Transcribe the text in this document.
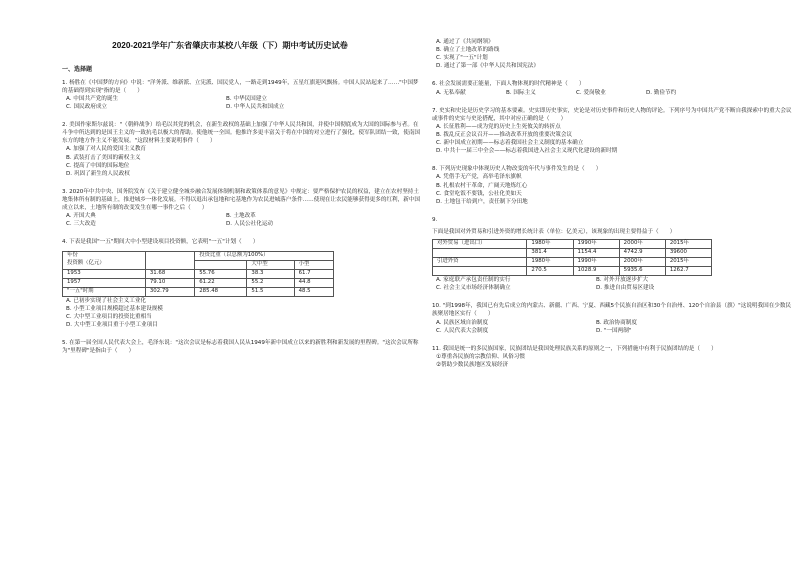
2020-2021学年广东省肇庆市某校八年级（下）期中考试历史试卷
一、选择题
1. 杨胜在《中国梦的方向》中说："洋务派、维新派、立宪派、国民党人，一路走到1949年，五星红旗迎风飘扬。中国人民站起来了……"中国梦的基础得到实现"指的是（　　）
A. 中国共产党的诞生	B. 中华民国建立
C. 国民政府成立	D. 中华人民共和国成立
2. 美国作家斯尔兹说："（朝鲜战争）给毛以其党的机会，在新生政权的基础上加强了中华人民共和国，并使中国彻底成为大国的国际参与者。在斗争中所达到的是国王主义的一致抗毛以极大的帮助。使他统一全国。他推许多更丰富关于将在中国的对立进行了强化，使军队团结一致，使南国东方的地方作主义不能发展。"这段材料主要说明事件（　　）
A. 加强了对人民的爱国主义教育
B. 武装打击了美国的霸权主义
C. 提高了中国的国际地位
D. 巩固了新生的人民政权
3. 2020年中共中央、国务院发布《关于建立健全城乡融合发展体制机制和政策体系的意见》中规定：要严格保护农民的权益，建立在农村坚持土地集体所有制的基础上，推进城乡一体化发展。不得以退出承包地和宅基地作为农民进城落户条件……使现在让农民能够获得更多的红利，新中国成立以来，土地所有制的改变发生在哪一事件之后（　　）
A. 开国大典	B. 土地改革
C. 三大改造	D. 人民公社化运动
4. 下表是我国"一五"期间大中小型建设项目投资额，它表明"一五"计划（　　）
年份
投资额（亿元）		投资比重（以总额为100%）		
			大中型	小型
1953	31.68	55.76	38.3	61.7
1957	79.10	61.22	55.2	44.8
"一五"时期	302.79	285.48	51.5	48.5
A. 已初步实现了社会主义工业化
B. 小型工业项目规模超过基本建设规模
C. 大中型工业项目的投资比重相当
D. 大中型工业项目重于小型工业项目
5. 在第一届全国人民代表大会上，毛泽东说："这次会议是标志着我国人民从1949年新中国成立以来的新胜利和新发展的里程碑。"这次会议所称为"里程碑"是指由于（　　）
A. 通过了《共同纲领》
B. 确立了土地改革的路线
C. 实现了"一五"计划
D. 通过了第一部《中华人民共和国宪法》
6. 社会发展需要正能量，下面人物体现的时代精神是（　　）
A. 无私奉献	B. 国际主义	C. 爱岗敬业	D. 勤俭节约
7. 史实和史论是历史学习的基本要素。史实即历史事实，史论是对历史事件和历史人物的评论。下列序号为中国共产党不断自我探索中的重大会议或事件的史实与史论搭配，其中对应正确的是（　　）
A. 长征胜利——成为党的历史上生死攸关的转折点
B. 拨乱反正会议召开——推动改革开放的重要决策会议
C. 新中国成立初期——标志着我国社会主义制度的基本确立
D. 中共十一届三中全会——标志着我国进入社会主义现代化建设的新时期
8. 下列历史现象中体现历史人物改变的年代与事件发生的是（　　）
A. 凭借手无产党，高举毛泽东旗帜
B. 扎根农村干革命，广阔天地炼红心
C. 食堂吃饭不要钱，公社化美如天
D. 土地包干给到户，责任制下分田地
9.
下面是我国对外贸易和引进外资的增长统计表（单位：亿美元），该现象的出现主要得益于（　　）
对外贸易（进出口）	1980年	1990年	2000年	2015年
	381.4	1154.4	4742.9	39600
引进外资	1980年	1990年	2000年	2015年
	270.5	1028.9	5935.6	1262.7
A. 家庭联产承包责任制的实行	B. 对外开放逐步扩大
C. 社会主义市场经济体制确立	D. 推进自由贸易区建设
10. "到1998年，我国已有先后成立的内蒙古、新疆、广西、宁夏、西藏5个民族自治区和30个自治州、120个自治县（旗）"这说明我国在少数民族聚居地区实行（　　）
A. 民族区域自治制度	B. 政治协商制度
C. 人民代表大会制度	D. "一国两制"
11. 我国是统一的多民族国家，民族团结是我国处理民族关系的原则之一，下列措施中有利于民族团结的是（　　）
①尊重各民族的宗教信仰、风俗习惯
②帮助少数民族地区发展经济
